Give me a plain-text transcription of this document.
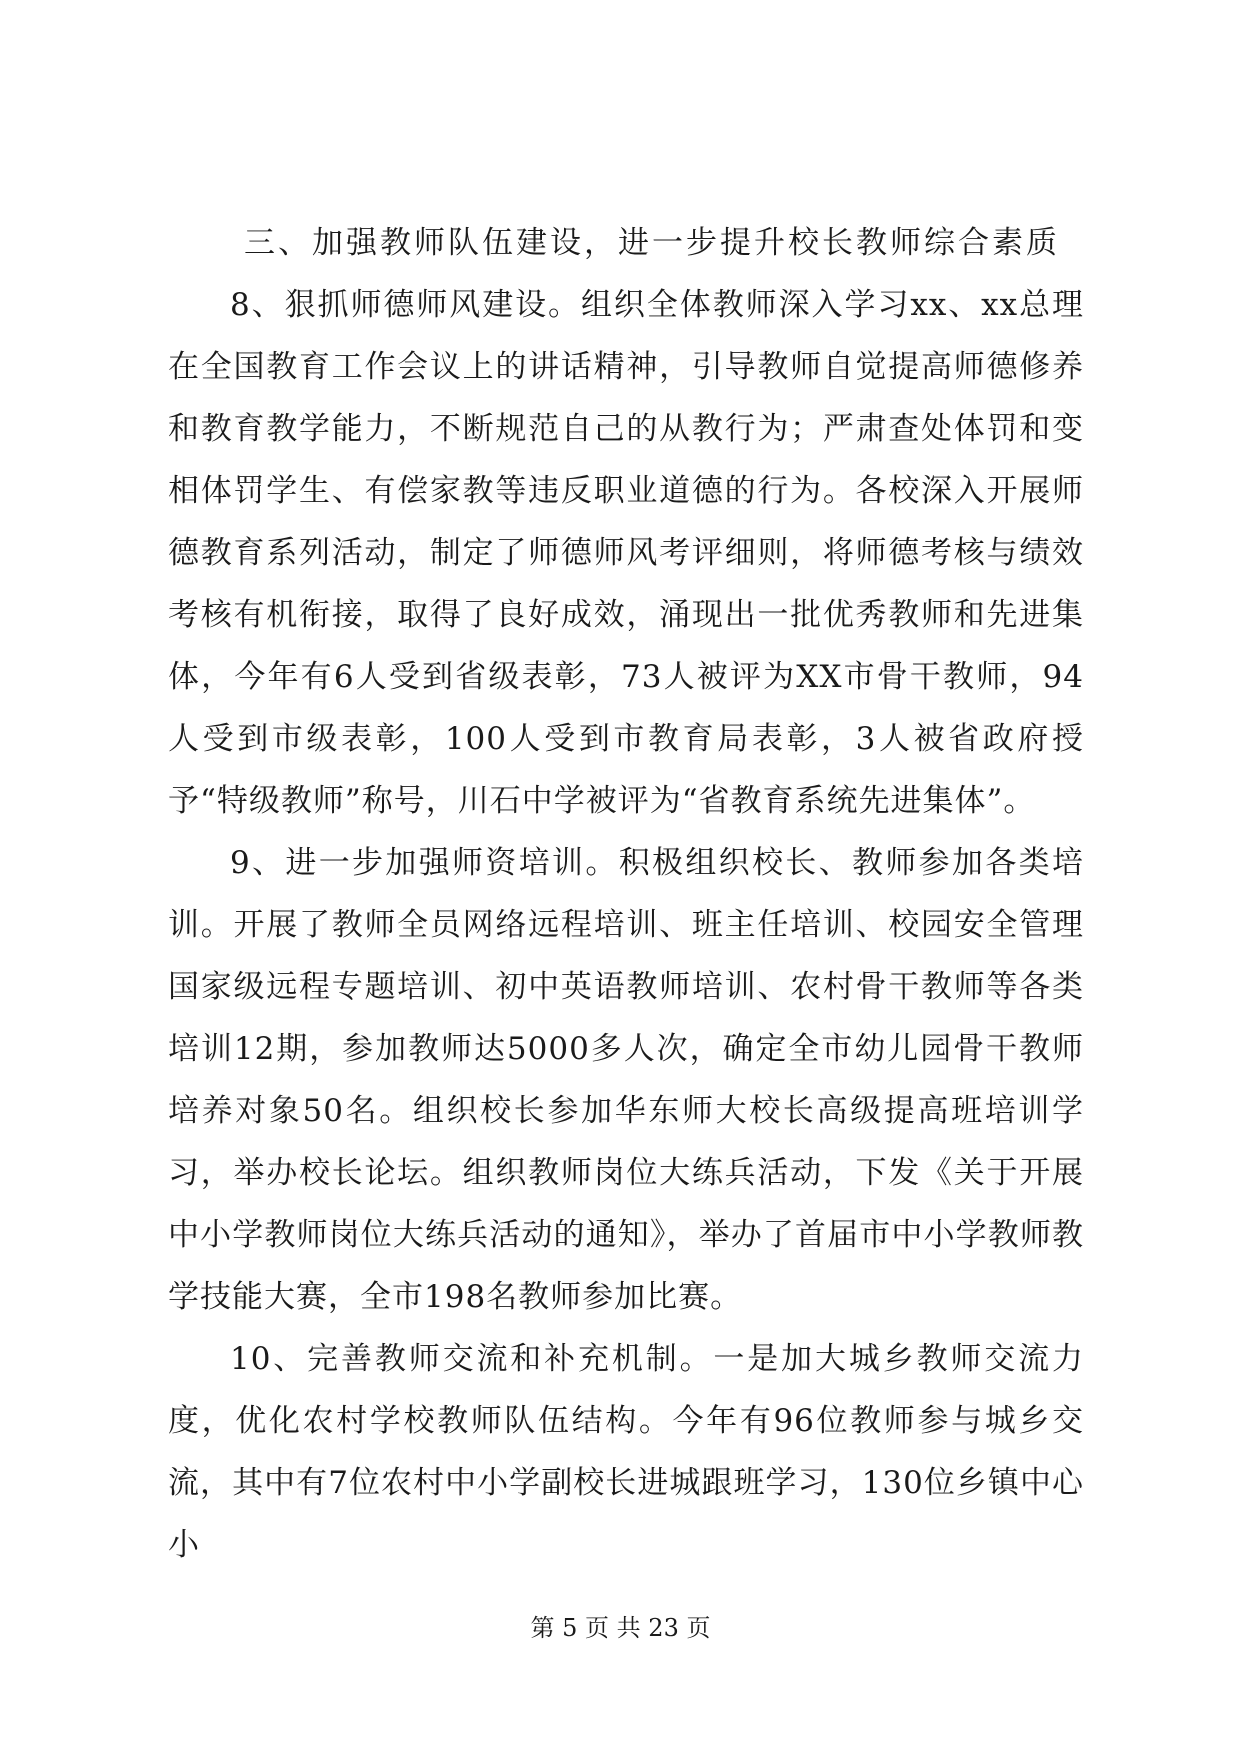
三、加强教师队伍建设，进一步提升校长教师综合素质

8、狠抓师德师风建设。组织全体教师深入学习xx、xx总理在全国教育工作会议上的讲话精神，引导教师自觉提高师德修养和教育教学能力，不断规范自己的从教行为；严肃查处体罚和变相体罚学生、有偿家教等违反职业道德的行为。各校深入开展师德教育系列活动，制定了师德师风考评细则，将师德考核与绩效考核有机衔接，取得了良好成效，涌现出一批优秀教师和先进集体，今年有6人受到省级表彰，73人被评为XX市骨干教师，94人受到市级表彰，100人受到市教育局表彰，3人被省政府授予“特级教师”称号，川石中学被评为“省教育系统先进集体”。

9、进一步加强师资培训。积极组织校长、教师参加各类培训。开展了教师全员网络远程培训、班主任培训、校园安全管理国家级远程专题培训、初中英语教师培训、农村骨干教师等各类培训12期，参加教师达5000多人次，确定全市幼儿园骨干教师培养对象50名。组织校长参加华东师大校长高级提高班培训学习，举办校长论坛。组织教师岗位大练兵活动，下发《关于开展中小学教师岗位大练兵活动的通知》，举办了首届市中小学教师教学技能大赛，全市198名教师参加比赛。

10、完善教师交流和补充机制。一是加大城乡教师交流力度，优化农村学校教师队伍结构。今年有96位教师参与城乡交流，其中有7位农村中小学副校长进城跟班学习，130位乡镇中心小

第 5 页 共 23 页
